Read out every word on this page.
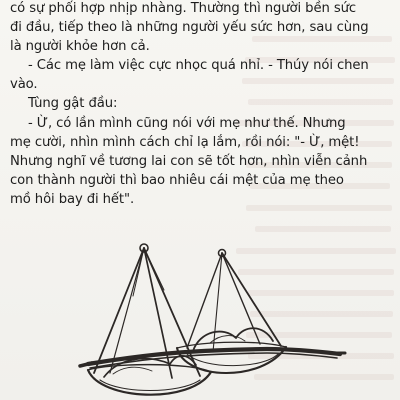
có sự phối hợp nhịp nhàng. Thường thì người bền sức
đi đầu, tiếp theo là những người yếu sức hơn, sau cùng
là người khỏe hơn cả.
- Các mẹ làm việc cực nhọc quá nhỉ. - Thúy nói chen
vào.
Tùng gật đầu:
- Ừ, có lần mình cũng nói với mẹ như thế. Nhưng
mẹ cười, nhìn mình cách chỉ lạ lắm, rồi nói: "- Ừ, mệt!
Nhưng nghĩ về tương lai con sẽ tốt hơn, nhìn viễn cảnh
con thành người thì bao nhiêu cái mệt của mẹ theo
mồ hôi bay đi hết".
